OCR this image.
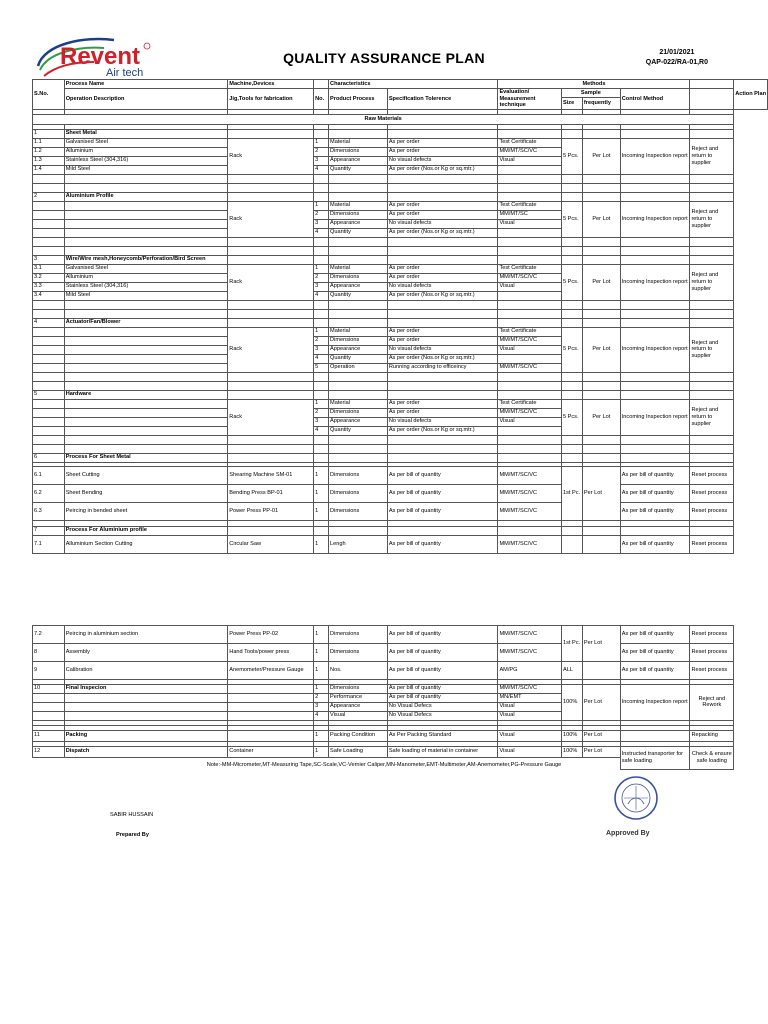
Revent
Air tech
QUALITY ASSURANCE PLAN	21/01/2021
QAP-022/RA-01,R0
S.No.	Process Name	Machine,Devices		Characteristics		Methods					Action Plan
	Operation Description	Jig,Tools for fabrication	No.	Product Process	Specification Tolerence	Evaluation/ Measurement technique	Sample		Control Method		
							Size	frequently			

Raw Materials											

1	Sheet Metal										
1.1	Galvanised Steel	Rack	1	Material	As per order	Test Certificate	5 Pcs.	Per Lot	Incoming Inspection report	Reject and return to supplier	
1.2	Alluminium		2	Dimensions	As per order	MM/MT/SC/VC					
1.3	Stainless Steel (304,316)		3	Appearance	No visual defects	Visual					
1.4	Mild Steel		4	Quantity	As per order (Nos.or Kg or sq.mtr.)						

2	Aluminium Profile										
		Rack	1	Material	As per order	Test Certificate	5 Pcs.	Per Lot	Incoming Inspection report	Reject and return to supplier	
			2	Dimensions	As per order	MM/MT/SC					
			3	Appearance	No visual defects	Visual					
			4	Quantity	As per order (Nos.or Kg or sq.mtr.)						

3	Wire/Wire mesh,Honeycomb/Perforation/Bird Screen										
3.1	Galvanised Steel	Rack	1	Material	As per order	Test Certificate	5 Pcs.	Per Lot	Incoming Inspection report	Reject and return to supplier	
3.2	Alluminium		2	Dimensions	As per order	MM/MT/SC/VC					
3.3	Stainless Steel (304,316)		3	Appearance	No visual defects	Visual					
3.4	Mild Steel		4	Quantity	As per order (Nos.or Kg or sq.mtr.)						

4	Actuator/Fan/Blower										
		Rack	1	Material	As per order	Test Certificate	5 Pcs.	Per Lot	Incoming Inspection report	Reject and return to supplier	
			2	Dimensions	As per order	MM/MT/SC/VC					
			3	Appearance	No visual defects	Visual					
			4	Quantity	As per order (Nos.or Kg or sq.mtr.)						
			5	Operation	Running according to efficeincy	MM/MT/SC/VC					

5	Hardware										
		Rack	1	Material	As per order	Test Certificate	5 Pcs.	Per Lot	Incoming Inspection report	Reject and return to supplier	
			2	Dimensions	As per order	MM/MT/SC/VC					
			3	Appearance	No visual defects	Visual					
			4	Quantity	As per order (Nos.or Kg or sq.mtr.)						

6	Process For Sheet Metal										

6.1	Sheet Cutting	Shearing Machine SM-01	1	Dimensions	As per bill of quantity	MM/MT/SC/VC	1st Pc.	Per Lot	As per bill of quantity	Reset process	
6.2	Sheet Bending	Bending Press BP-01	1	Dimensions	As per bill of quantity	MM/MT/SC/VC			As per bill of quantity	Reset process	
6.3	Peircing in bended sheet	Power Press PP-01	1	Dimensions	As per bill of quantity	MM/MT/SC/VC			As per bill of quantity	Reset process	

7	Process For Aluminium profile										
7.1	Alluminium Section Cutting	Circular Saw	1	Lengh	As per bill of quantity	MM/MT/SC/VC			As per bill of quantity	Reset process	

7.2	Peircing in aluminium section	Power Press PP-02	1	Dimensions	As per bill of quantity	MM/MT/SC/VC	1st Pc.	Per Lot	As per bill of quantity	Reset process	
8	Assembly	Hand Tools/power press	1	Dimensions	As per bill of quantity	MM/MT/SC/VC			As per bill of quantity	Reset process	
9	Calibration	Anemometer/Pressure Gauge	1	Nos.	As per bill of quantity	AM/PG	ALL		As per bill of quantity	Reset process	

10	Final Inspecion		1	Dimensions	As per bill of quantity	MM/MT/SC/VC	100%	Per Lot	Incoming Inspection report	Reject and Rework	
			2	Performance	As per bill of quantity	MN/EMT					
			3	Appearance	No Visual Defecs	Visual					
			4	Visual	No Visual Defecs	Visual					

11	Packing		1	Packing Condition	As Per Packing Standard	Visual	100%	Per Lot		Repacking	

12	Dispatch	Container	1	Safe Loading	Safe loading of material in container	Visual	100%	Per Lot	Instructed transporter for safe loading	Check & ensure safe loading	

Note:-MM-Micrometer,MT-Measuring Tape,SC-Scale,VC-Vernier Caliper,MN-Manometer,EMT-Multimeter,AM-Anemometer,PG-Pressure Gauge
SABIR HUSSAIN
Prepared By	Approved By
